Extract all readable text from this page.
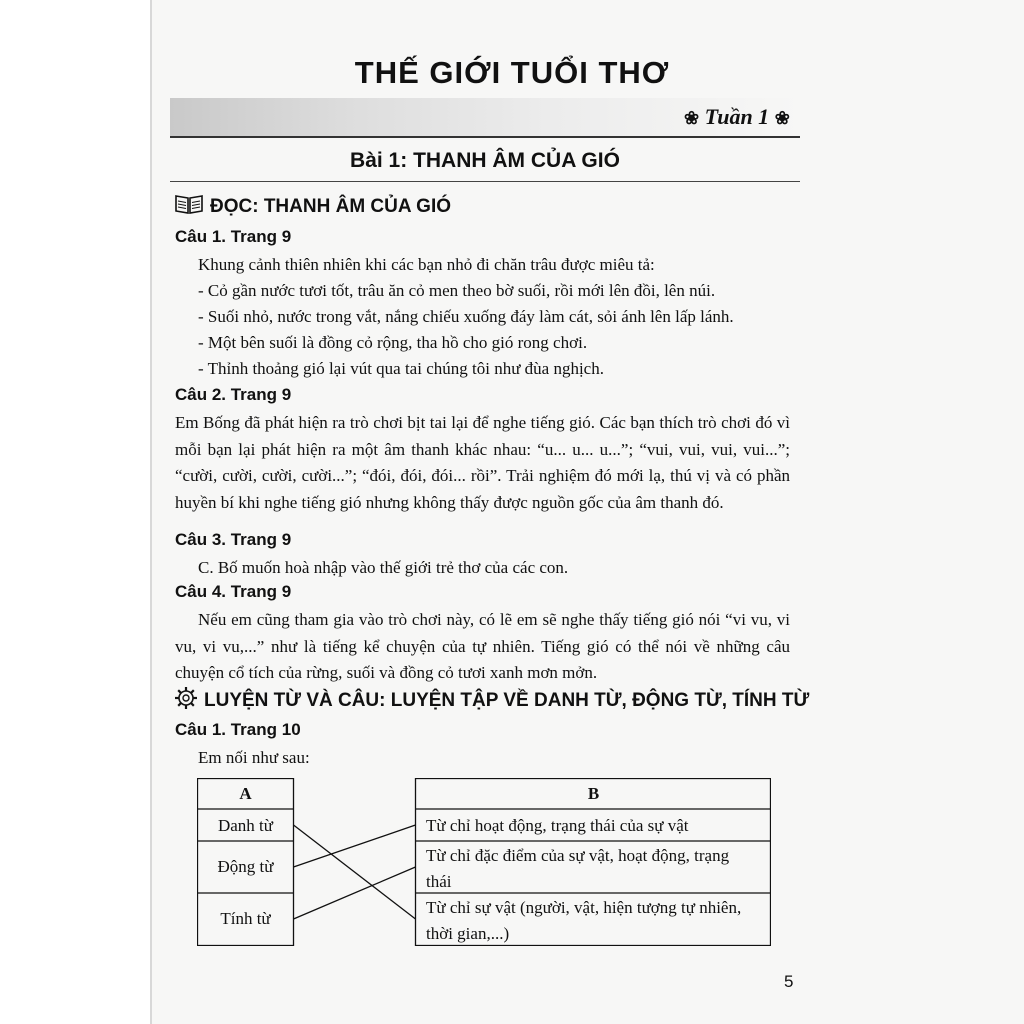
THẾ GIỚI TUỔI THƠ
❀ Tuần 1 ❀
Bài 1: THANH ÂM CỦA GIÓ
ĐỌC: THANH ÂM CỦA GIÓ
Câu 1. Trang 9
Khung cảnh thiên nhiên khi các bạn nhỏ đi chăn trâu được miêu tả:
- Cỏ gần nước tươi tốt, trâu ăn cỏ men theo bờ suối, rồi mới lên đồi, lên núi.
- Suối nhỏ, nước trong vắt, nắng chiếu xuống đáy làm cát, sỏi ánh lên lấp lánh.
- Một bên suối là đồng cỏ rộng, tha hồ cho gió rong chơi.
- Thỉnh thoảng gió lại vút qua tai chúng tôi như đùa nghịch.
Câu 2. Trang 9
Em Bống đã phát hiện ra trò chơi bịt tai lại để nghe tiếng gió. Các bạn thích trò chơi đó vì mỗi bạn lại phát hiện ra một âm thanh khác nhau: “u... u... u...”; “vui, vui, vui, vui...”; “cười, cười, cười, cười...”; “đói, đói, đói... rồi”. Trải nghiệm đó mới lạ, thú vị và có phần huyền bí khi nghe tiếng gió nhưng không thấy được nguồn gốc của âm thanh đó.
Câu 3. Trang 9
C. Bố muốn hoà nhập vào thế giới trẻ thơ của các con.
Câu 4. Trang 9
Nếu em cũng tham gia vào trò chơi này, có lẽ em sẽ nghe thấy tiếng gió nói “vi vu, vi vu, vi vu,...” như là tiếng kể chuyện của tự nhiên. Tiếng gió có thể nói về những câu chuyện cổ tích của rừng, suối và đồng cỏ tươi xanh mơn mởn.
LUYỆN TỪ VÀ CÂU: LUYỆN TẬP VỀ DANH TỪ, ĐỘNG TỪ, TÍNH TỪ
Câu 1. Trang 10
Em nối như sau:
A
Danh từ
Động từ
Tính từ
B
Từ chỉ hoạt động, trạng thái của sự vật
Từ chỉ đặc điểm của sự vật, hoạt động, trạng thái
Từ chỉ sự vật (người, vật, hiện tượng tự nhiên, thời gian,...)
5
